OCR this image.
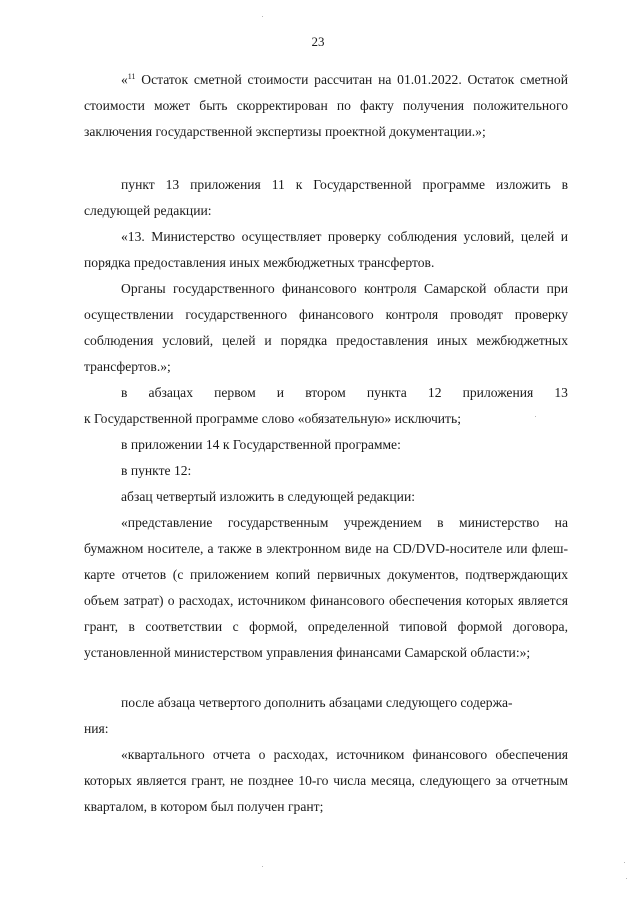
23

«$^{11}$ Остаток сметной стоимости рассчитан на 01.01.2022. Остаток сметной стоимости может быть скорректирован по факту получения положительного заключения государственной экспертизы проектной документации.»;

пункт 13 приложения 11 к Государственной программе изложить в следующей редакции:

«13. Министерство осуществляет проверку соблюдения условий, целей и порядка предоставления иных межбюджетных трансфертов.

Органы государственного финансового контроля Самарской области при осуществлении государственного финансового контроля проводят проверку соблюдения условий, целей и порядка предоставления иных межбюджетных трансфертов.»;

в абзацах первом и втором пункта 12 приложения 13
к Государственной программе слово «обязательную» исключить;

в приложении 14 к Государственной программе:

в пункте 12:

абзац четвертый изложить в следующей редакции:

«представление государственным учреждением в министерство на бумажном носителе, а также в электронном виде на CD/DVD-носителе или флеш-карте отчетов (с приложением копий первичных документов, подтверждающих объем затрат) о расходах, источником финансового обеспечения которых является грант, в соответствии с формой, определенной типовой формой договора, установленной министерством управления финансами Самарской области:»;

после абзаца четвертого дополнить абзацами следующего содержа-
ния:

«квартального отчета о расходах, источником финансового обеспечения которых является грант, не позднее 10-го числа месяца, следующего за отчетным кварталом, в котором был получен грант;
